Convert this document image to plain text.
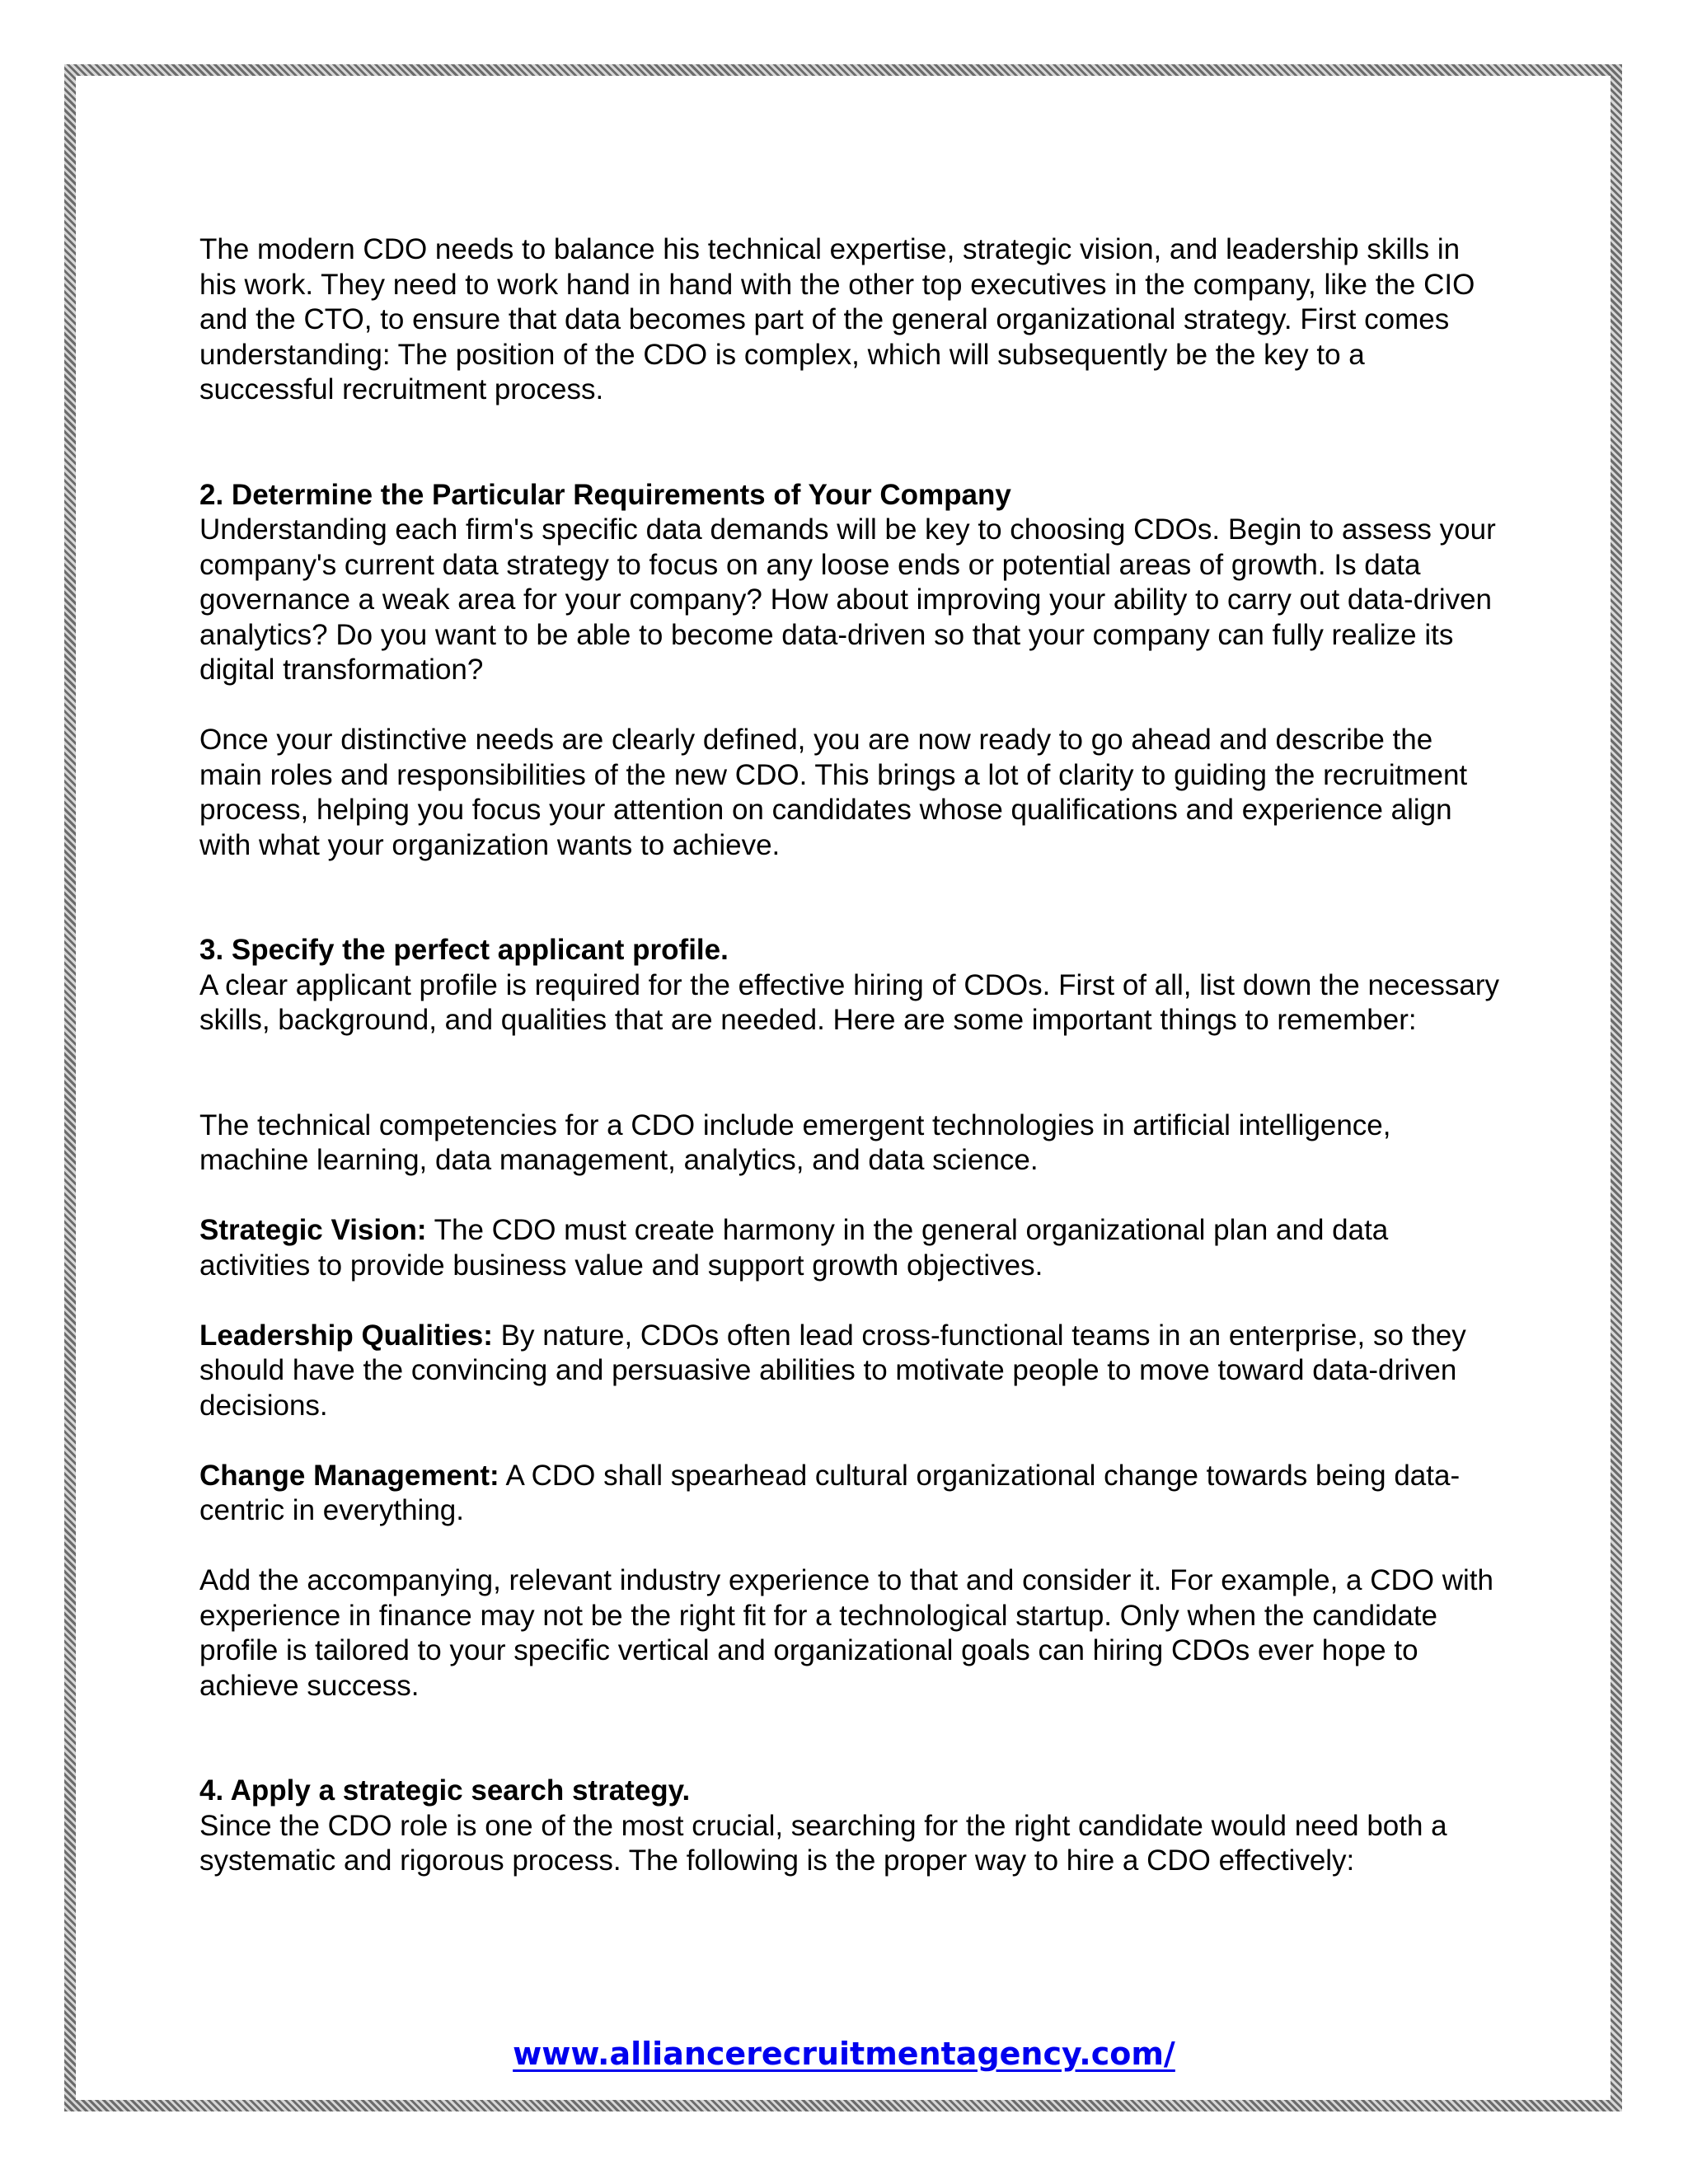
The modern CDO needs to balance his technical expertise, strategic vision, and leadership skills in his work. They need to work hand in hand with the other top executives in the company, like the CIO and the CTO, to ensure that data becomes part of the general organizational strategy. First comes understanding: The position of the CDO is complex, which will subsequently be the key to a successful recruitment process.

2. Determine the Particular Requirements of Your Company

Understanding each firm's specific data demands will be key to choosing CDOs. Begin to assess your company's current data strategy to focus on any loose ends or potential areas of growth. Is data governance a weak area for your company? How about improving your ability to carry out data-driven analytics? Do you want to be able to become data-driven so that your company can fully realize its digital transformation?

Once your distinctive needs are clearly defined, you are now ready to go ahead and describe the main roles and responsibilities of the new CDO. This brings a lot of clarity to guiding the recruitment process, helping you focus your attention on candidates whose qualifications and experience align with what your organization wants to achieve.

3. Specify the perfect applicant profile.

A clear applicant profile is required for the effective hiring of CDOs. First of all, list down the necessary skills, background, and qualities that are needed. Here are some important things to remember:

The technical competencies for a CDO include emergent technologies in artificial intelligence, machine learning, data management, analytics, and data science.

Strategic Vision: The CDO must create harmony in the general organizational plan and data activities to provide business value and support growth objectives.

Leadership Qualities: By nature, CDOs often lead cross-functional teams in an enterprise, so they should have the convincing and persuasive abilities to motivate people to move toward data-driven decisions.

Change Management: A CDO shall spearhead cultural organizational change towards being data-centric in everything.

Add the accompanying, relevant industry experience to that and consider it. For example, a CDO with experience in finance may not be the right fit for a technological startup. Only when the candidate profile is tailored to your specific vertical and organizational goals can hiring CDOs ever hope to achieve success.

4. Apply a strategic search strategy.

Since the CDO role is one of the most crucial, searching for the right candidate would need both a systematic and rigorous process. The following is the proper way to hire a CDO effectively:

www.alliancerecruitmentagency.com/
